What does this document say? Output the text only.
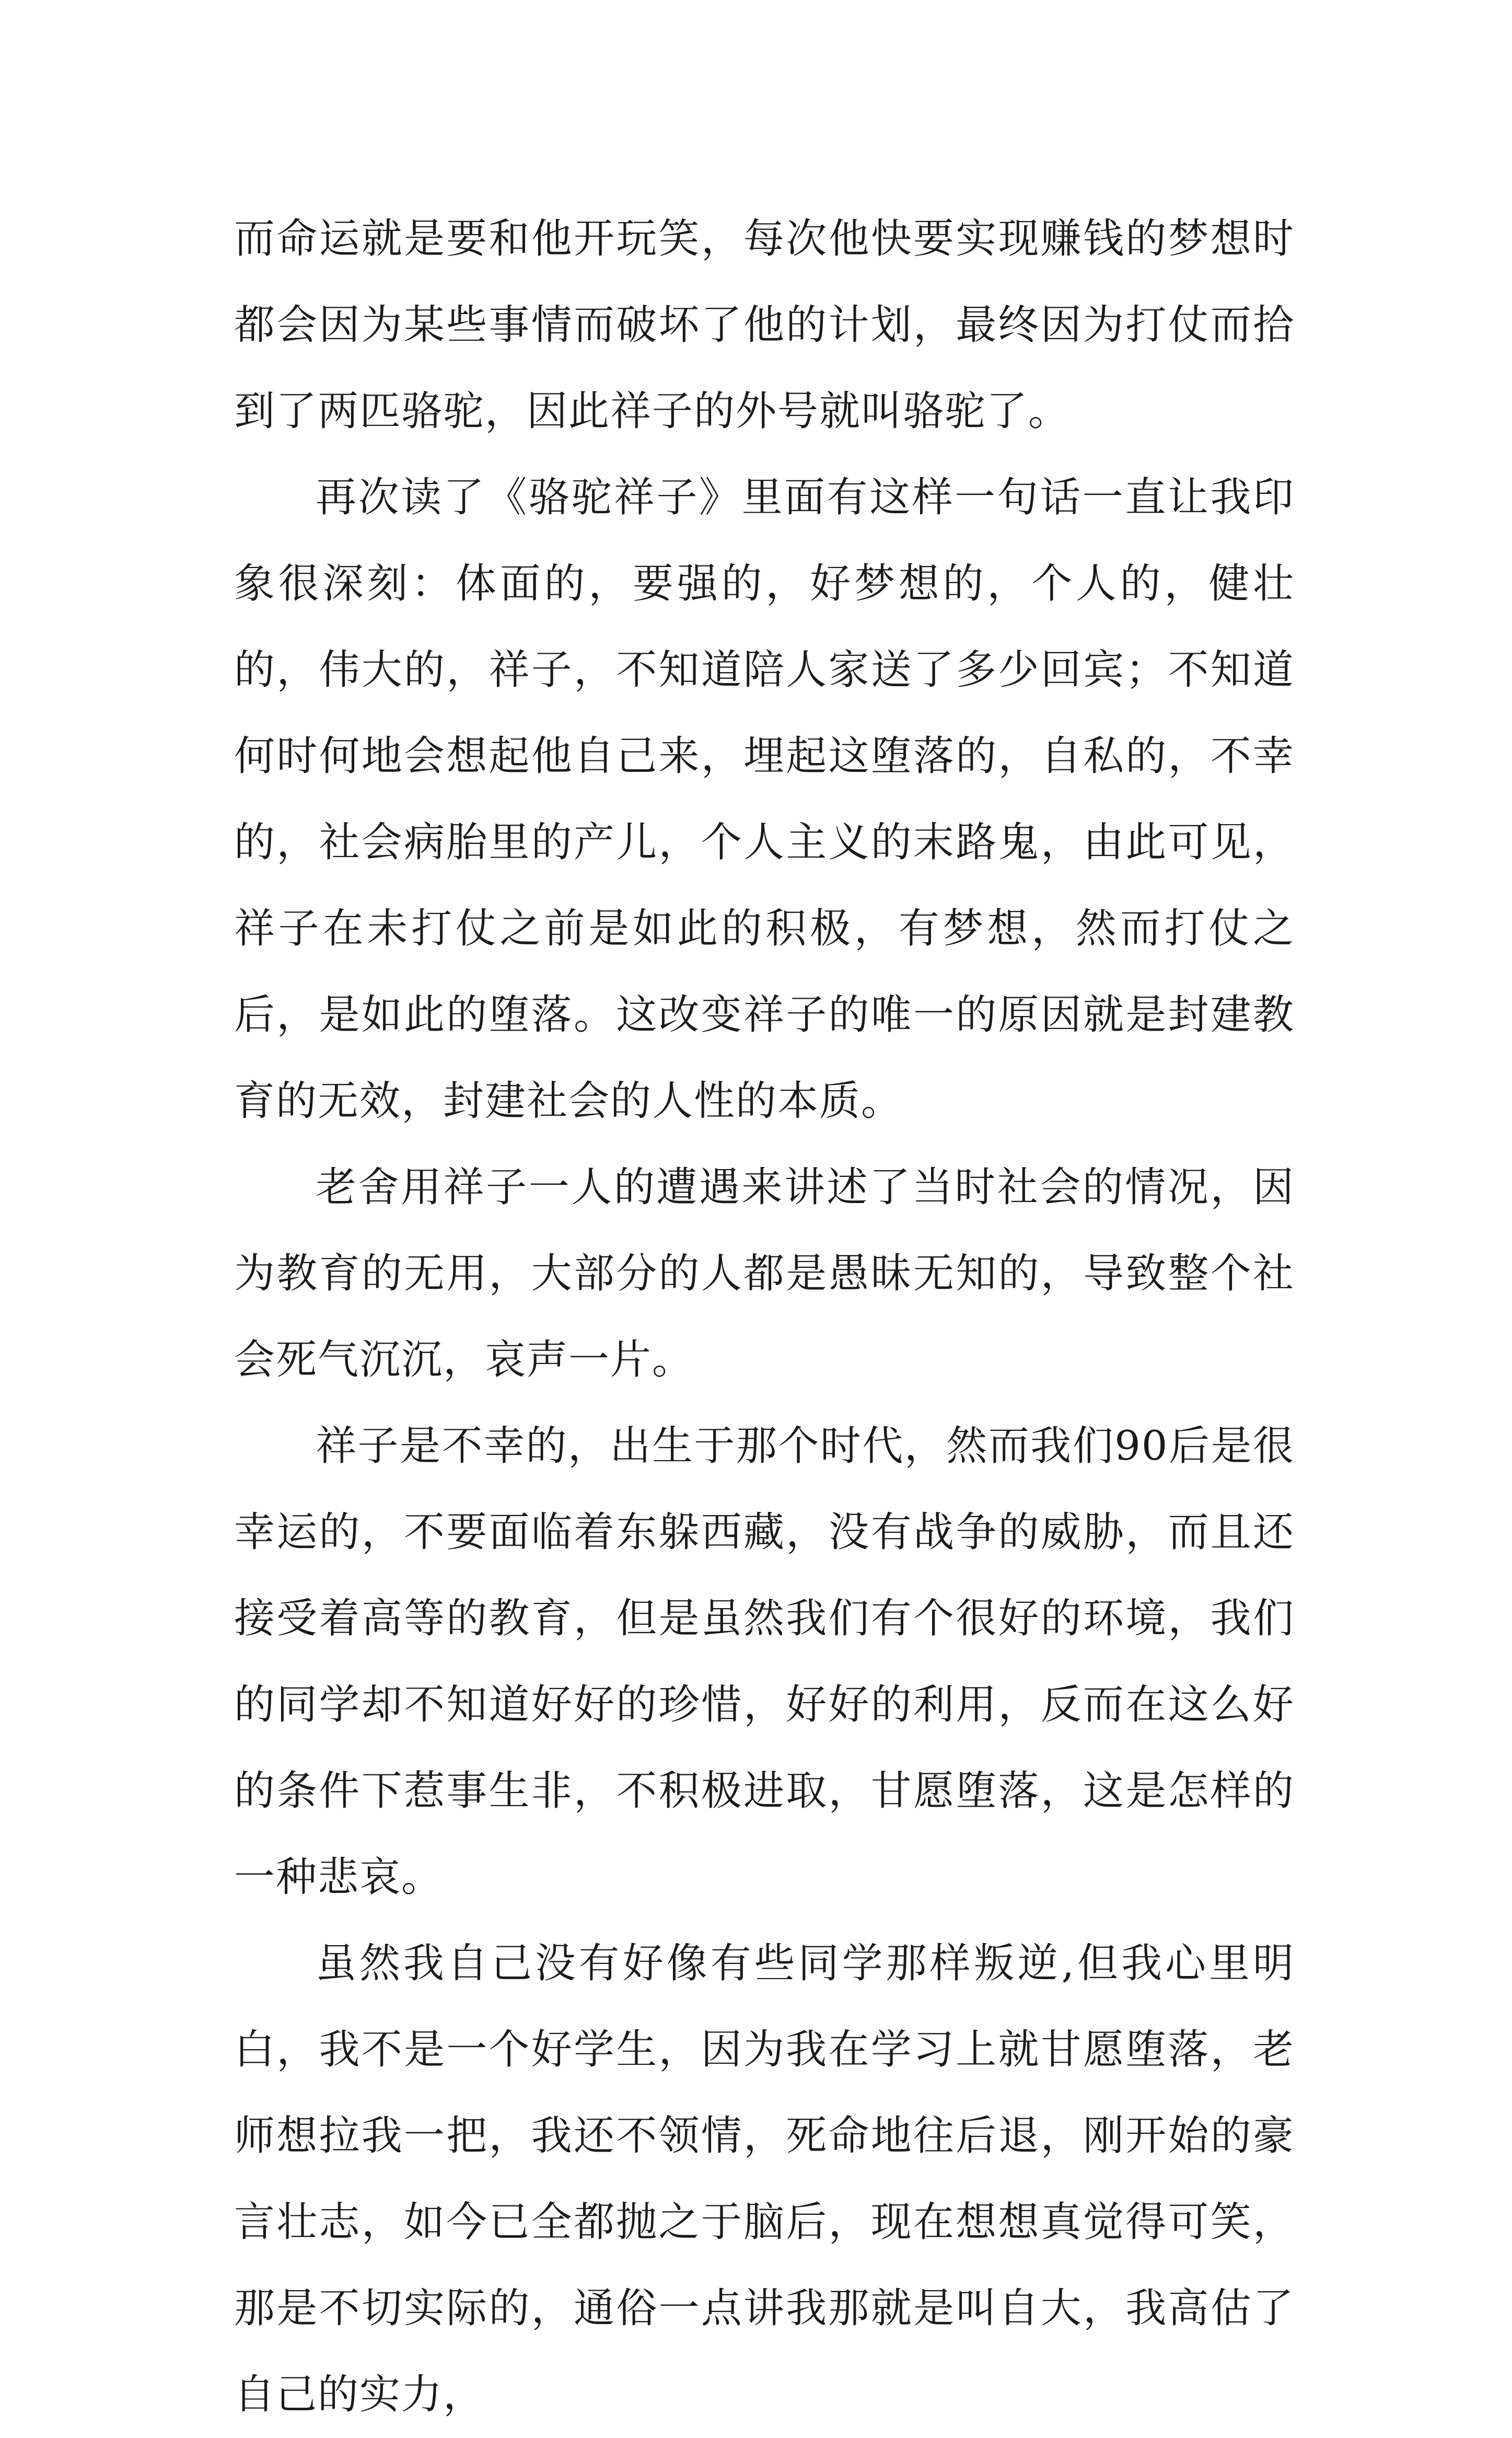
而命运就是要和他开玩笑，每次他快要实现赚钱的梦想时都会因为某些事情而破坏了他的计划，最终因为打仗而拾到了两匹骆驼，因此祥子的外号就叫骆驼了。

再次读了《骆驼祥子》里面有这样一句话一直让我印象很深刻：体面的，要强的，好梦想的，个人的，健壮的，伟大的，祥子，不知道陪人家送了多少回宾；不知道何时何地会想起他自己来，埋起这堕落的，自私的，不幸的，社会病胎里的产儿，个人主义的末路鬼，由此可见，祥子在未打仗之前是如此的积极，有梦想，然而打仗之后，是如此的堕落。这改变祥子的唯一的原因就是封建教育的无效，封建社会的人性的本质。

老舍用祥子一人的遭遇来讲述了当时社会的情况，因为教育的无用，大部分的人都是愚昧无知的，导致整个社会死气沉沉，哀声一片。

祥子是不幸的，出生于那个时代，然而我们90后是很幸运的，不要面临着东躲西藏，没有战争的威胁，而且还接受着高等的教育，但是虽然我们有个很好的环境，我们的同学却不知道好好的珍惜，好好的利用，反而在这么好的条件下惹事生非，不积极进取，甘愿堕落，这是怎样的一种悲哀。

虽然我自己没有好像有些同学那样叛逆,但我心里明白，我不是一个好学生，因为我在学习上就甘愿堕落，老师想拉我一把，我还不领情，死命地往后退，刚开始的豪言壮志，如今已全都抛之于脑后，现在想想真觉得可笑，那是不切实际的，通俗一点讲我那就是叫自大，我高估了自己的实力，
